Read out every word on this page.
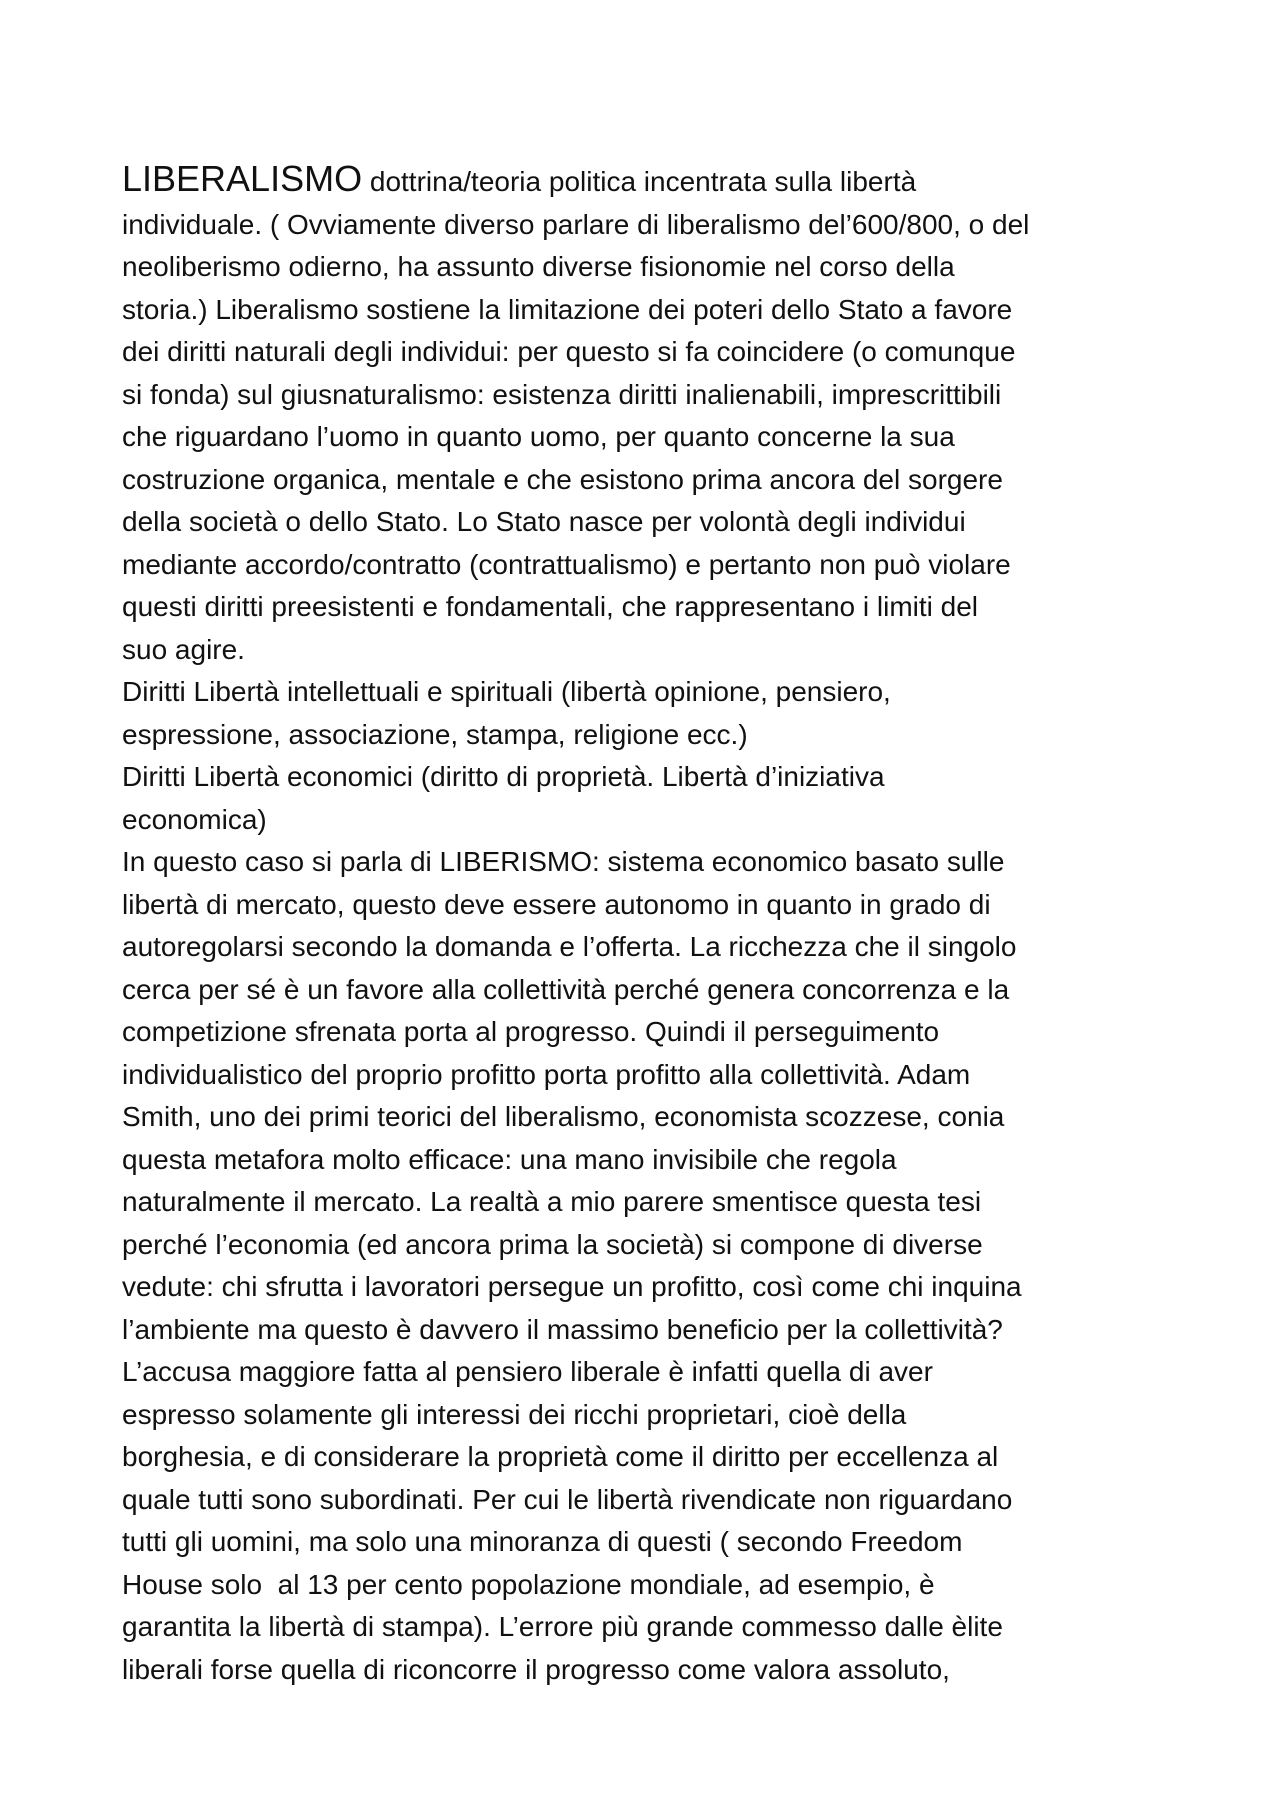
LIBERALISMO dottrina/teoria politica incentrata sulla libertà
individuale. ( Ovviamente diverso parlare di liberalismo del’600/800, o del
neoliberismo odierno, ha assunto diverse fisionomie nel corso della
storia.) Liberalismo sostiene la limitazione dei poteri dello Stato a favore
dei diritti naturali degli individui: per questo si fa coincidere (o comunque
si fonda) sul giusnaturalismo: esistenza diritti inalienabili, imprescrittibili
che riguardano l’uomo in quanto uomo, per quanto concerne la sua
costruzione organica, mentale e che esistono prima ancora del sorgere
della società o dello Stato. Lo Stato nasce per volontà degli individui
mediante accordo/contratto (contrattualismo) e pertanto non può violare
questi diritti preesistenti e fondamentali, che rappresentano i limiti del
suo agire.
Diritti Libertà intellettuali e spirituali (libertà opinione, pensiero,
espressione, associazione, stampa, religione ecc.)
Diritti Libertà economici (diritto di proprietà. Libertà d’iniziativa
economica)
In questo caso si parla di LIBERISMO: sistema economico basato sulle
libertà di mercato, questo deve essere autonomo in quanto in grado di
autoregolarsi secondo la domanda e l’offerta. La ricchezza che il singolo
cerca per sé è un favore alla collettività perché genera concorrenza e la
competizione sfrenata porta al progresso. Quindi il perseguimento
individualistico del proprio profitto porta profitto alla collettività. Adam
Smith, uno dei primi teorici del liberalismo, economista scozzese, conia
questa metafora molto efficace: una mano invisibile che regola
naturalmente il mercato. La realtà a mio parere smentisce questa tesi
perché l’economia (ed ancora prima la società) si compone di diverse
vedute: chi sfrutta i lavoratori persegue un profitto, così come chi inquina
l’ambiente ma questo è davvero il massimo beneficio per la collettività?
L’accusa maggiore fatta al pensiero liberale è infatti quella di aver
espresso solamente gli interessi dei ricchi proprietari, cioè della
borghesia, e di considerare la proprietà come il diritto per eccellenza al
quale tutti sono subordinati. Per cui le libertà rivendicate non riguardano
tutti gli uomini, ma solo una minoranza di questi ( secondo Freedom
House solo  al 13 per cento popolazione mondiale, ad esempio, è
garantita la libertà di stampa). L’errore più grande commesso dalle èlite
liberali forse quella di riconcorre il progresso come valora assoluto,
